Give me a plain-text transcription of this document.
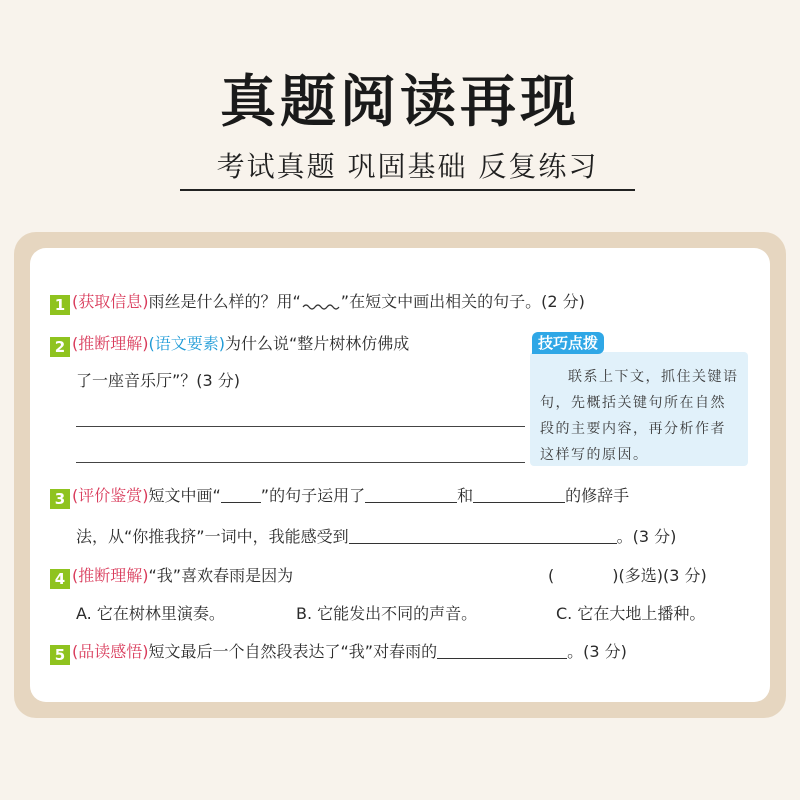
真题阅读再现
考试真题 巩固基础 反复练习
1 (获取信息)雨丝是什么样的？用“	”在短文中画出相关的句子。(2 分)
2 (推断理解)(语文要素)为什么说“整片树林仿佛成
了一座音乐厅”？(3 分)	联系上下文，抓住关键语句，先概括关键句所在自然段的主要内容，再分析作者这样写的原因。
技巧点拨
3 (评价鉴赏)短文中画“	”的句子运用了	和	的修辞手
法，从“你推我挤”一词中，我能感受到	。(3 分)
4 (推断理解)“我”喜欢春雨是因为	(	)(多选)(3 分)
A. 它在树林里演奏。	B. 它能发出不同的声音。	C. 它在大地上播种。
5 (品读感悟)短文最后一个自然段表达了“我”对春雨的	。(3 分)
